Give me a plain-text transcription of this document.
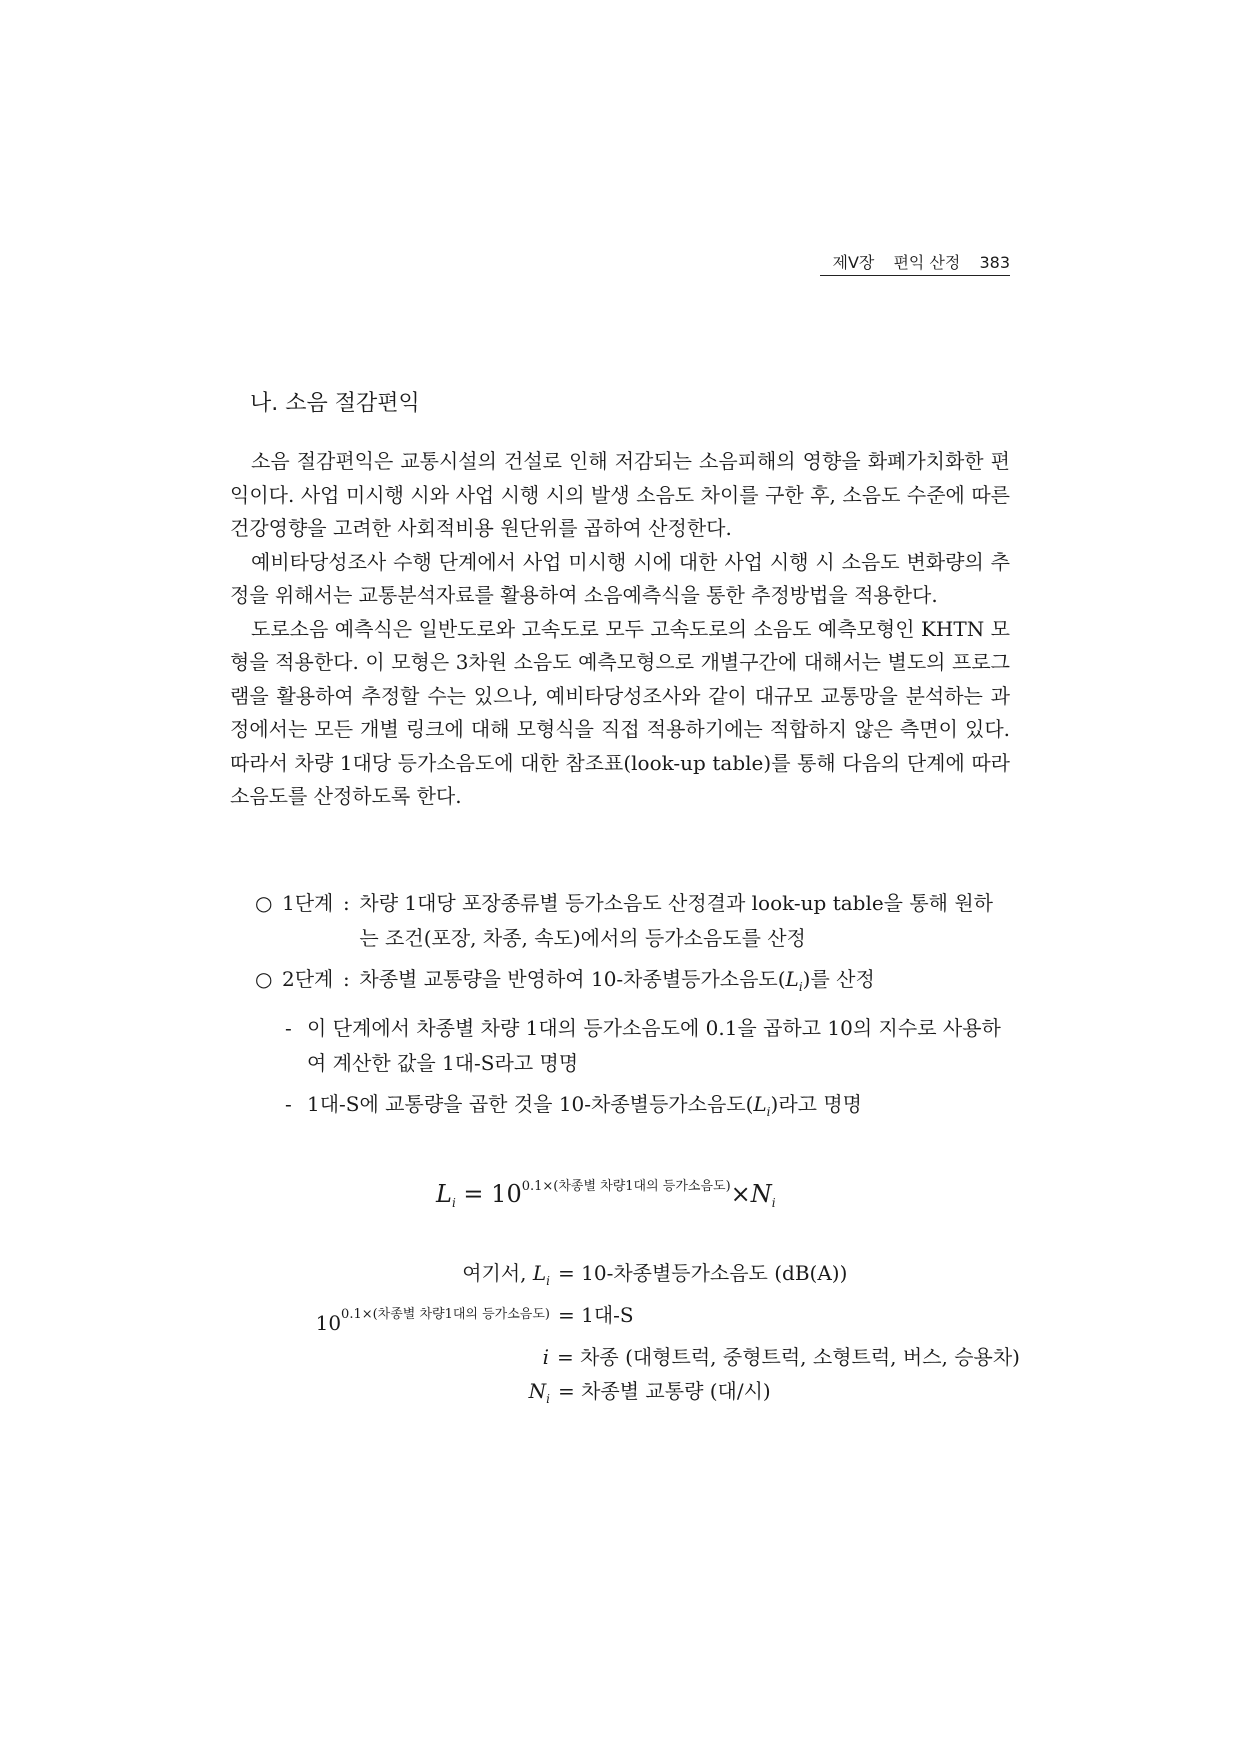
제Ⅴ장 편익 산정 383
나. 소음 절감편익

소음 절감편익은 교통시설의 건설로 인해 저감되는 소음피해의 영향을 화폐가치화한 편익이다. 사업 미시행 시와 사업 시행 시의 발생 소음도 차이를 구한 후, 소음도 수준에 따른 건강영향을 고려한 사회적비용 원단위를 곱하여 산정한다.

예비타당성조사 수행 단계에서 사업 미시행 시에 대한 사업 시행 시 소음도 변화량의 추정을 위해서는 교통분석자료를 활용하여 소음예측식을 통한 추정방법을 적용한다.

도로소음 예측식은 일반도로와 고속도로 모두 고속도로의 소음도 예측모형인 KHTN 모형을 적용한다. 이 모형은 3차원 소음도 예측모형으로 개별구간에 대해서는 별도의 프로그램을 활용하여 추정할 수는 있으나, 예비타당성조사와 같이 대규모 교통망을 분석하는 과정에서는 모든 개별 링크에 대해 모형식을 직접 적용하기에는 적합하지 않은 측면이 있다. 따라서 차량 1대당 등가소음도에 대한 참조표(look-up table)를 통해 다음의 단계에 따라 소음도를 산정하도록 한다.

○ 1단계 : 차량 1대당 포장종류별 등가소음도 산정결과 look-up table을 통해 원하는 조건(포장, 차종, 속도)에서의 등가소음도를 산정
○ 2단계 : 차종별 교통량을 반영하여 10-차종별등가소음도$(L_i)$를 산정
- 이 단계에서 차종별 차량 1대의 등가소음도에 0.1을 곱하고 10의 지수로 사용하여 계산한 값을 1대-S라고 명명
- 1대-S에 교통량을 곱한 것을 10-차종별등가소음도$(L_i)$라고 명명
$L_i = 10^{0.1\times(차종별 차량1대의 등가소음도)}\times N_i$
여기서, $L_i = 10-$차종별등가소음도 (dB(A))
$10^{0.1\times(차종별 차량1대의 등가소음도)} = 1$대-S
i = 차종 (대형트럭, 중형트럭, 소형트럭, 버스, 승용차)
$N_i$ = 차종별 교통량 (대/시)
